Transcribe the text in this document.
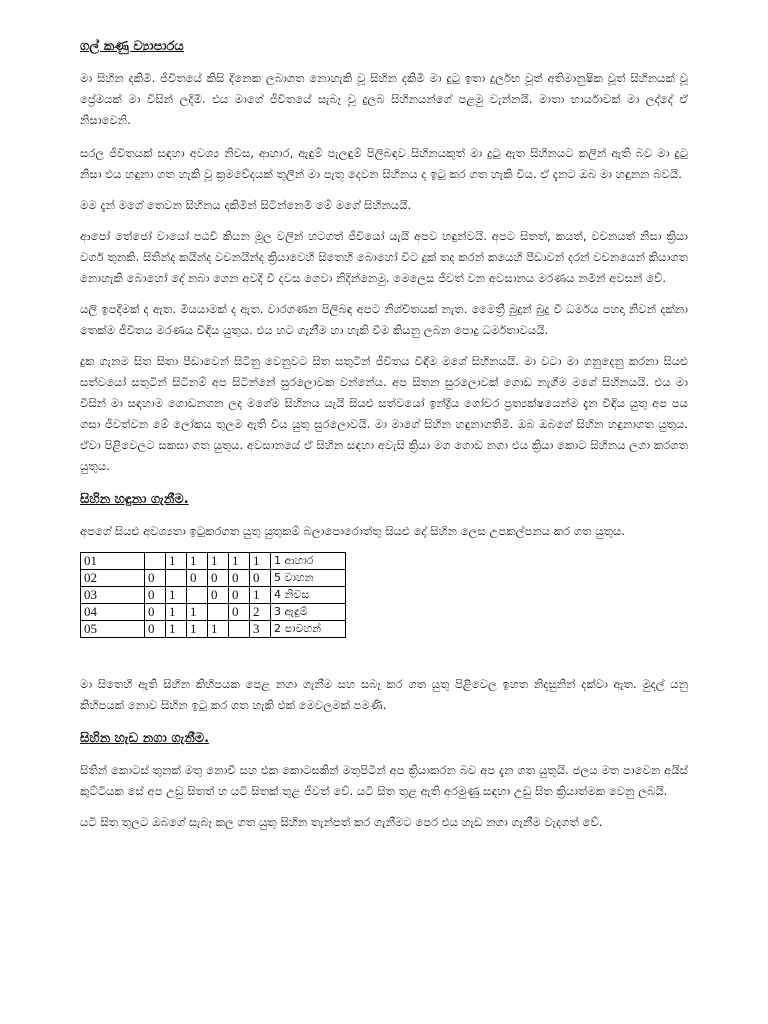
ගල් කණු ව්‍යාපාරය

මා සිහින දකිමි. ජීවිතයේ කිසි දිනෙක ලබාගත නොහැකි වූ සිහින දකිමි මා දුටු ඉතා දුර්ලභ වූත් අතිමානුෂික වූත් සිහිනයක් වූ ප්‍රේමයක් මා විසින් ලදිමි. එය මාගේ ජීවිතයේ සැබෑ වූ දුලබ සිහිනයන්ගේ පළමු වැන්නයි. මාතා භාර්යාවක් මා ලද්දේ ඒ නිසාවෙනි.

සරල ජීවිතයක් සඳහා අවශ්‍ය නිවස, ආහාර, ඇඳුම් පැලඳුම් පිලිබඳව සිහිනයකුත් මා දුටු ඇත සිහිනයට කලින් ඇති බව මා දුටු නිසා එය හඳුනා ගත හැකි වූ ක්‍රමවේදයක් තුලින් මා පැතූ දෙවන සිහිනය ද ඉටු කර ගත හැකි විය. ඒ දැනට ඔබ මා හඳුනන බවයි.

මම දැන් මගේ තෙවන සිහිනය දකිමින් සිටින්නෙමි මේ මගේ සිහිනයයි.

ආපෝ තේජෝ වායෝ පඨවි කියන මූල වලින් හටගත් ජීවියෝ යැයි අපව හඳුන්වයි. අපට සිතත්, කයත්, වචනයත් නිසා ක්‍රියා වර්ග තුනකි. සිතින්ද කයින්ද වචනයින්ද ක්‍රියාවෙහි සිතෙහි බොහෝ විට දුක් තද කරන් කයෙහි පීඩාවන් දරන් වචනයෙන් කියාගත නොහැකි බොහෝ දේ නබා ගෙන අවදි වී දවස ගෙවා නිදින්නෙමු. මෙලෙස ජීවත් වන අවසානය මරණය නමින් අවසන් වේ.

යලි ඉපදීමක් ද ඇත. මියයාමක් ද ඇත. වාරගණන පිලිබඳ අපට නිශ්චිතයක් නැත. මෛත්‍රී බුදුන් බුදු වී ධර්මය පහදා නිවන් දක්නා තෙක්ම ජීවිතය මරණය විඳිය යුතුය. එය හට ගැනීම හා හැකි වීම කියනු ලබන පොදු ධර්මතාවයයි.

දුක ගැනම සිත සිතා පීඩාවෙන් සිටිනු වෙනුවට සිත සතුටින් ජීවිතය විඳීම මගේ සිහිනයයි. මා වටා මා ගනුදෙනු කරනා සියළු සත්වයෝ සතුටින් සිටිනම් අප සිටින්නේ සුරලොවක වන්නේය. අප සිතන සුරලොවක් ගොඩ නැගීම මගේ සිහිනයයි. එය මා විසින් මා සඳහාම ගොඩනගන ලද මගේම සිහිනය යැයි සියළු සත්වයෝ ඉන්ද්‍රිය ගෝචර ප්‍රත්‍යක්ෂයෙන්ම දැන විඳිය යුතු අප පය ගසා ජීවත්වන මේ ලෝකය තුලම ඇති විය යුතු සුරලොවයි. මා මාගේ සිහින හඳුනාගතිමි. ඔබ ඔබගේ සිහින හඳුනාගත යුතුය. ඒවා පිළිවෙලට සකසා ගත යුතුය. අවසානයේ ඒ සිහින සඳහා අවැසි ක්‍රියා මග ගොඩ නගා එය ක්‍රියා කොට සිහිනය ලගා කරගත යුතුය.

සිහින හඳුනා ගැනීම.

අපගේ සියළු අවශ්‍යතා ඉටුකරගත යුතු යුතුකම් බලාපොරොත්තු සියළු දේ සිහින ලෙස උපකල්පනය කර ගත යුතුය.

01		1	1	1	1	1	1 ආහාර
02	0		0	0	0	0	5 වාහන
03	0	1		0	0	1	4 නිවස
04	0	1	1		0	2	3 ඇඳුම්
05	0	1	1	1		3	2 පාවහන්

මා සිතෙහි ඇති සිහින කිහිපයක පෙළ නගා ගැනීම සහ සබෑ කර ගත යුතු පිළිවෙල ඉහත නිදසුනින් දක්වා ඇත. මුදල් යනු කිහිපයක් නොව සිහින ඉටු කර ගත හැකි එක් මෙවලමක් පමණි.

සිහින හැඩ නගා ගැනීම.

සිතින් කොටස් තුනක් මතු නොවී සහ එක කොටසකින් මතුපිටින් අප ක්‍රියාකරන බව අප දැන ගත යුතුයි. ජලය මත පාවෙන අයිස් කුට්ටියක සේ අප උඩු සිතත් හ යටි සිතක් තුළ ජීවත් වේ. යටි සිත තුළ ඇති අරමුණු සඳහා උඩු සිත ක්‍රියාත්මක වෙනු ලබයි.

යටි සිත තුලට ඔබගේ සැබෑ කල ගත යුතු සිහින තැන්පත් කර ගැනීමට පෙර එය හැඩ නගා ගැනීම වැදගත් වේ.
